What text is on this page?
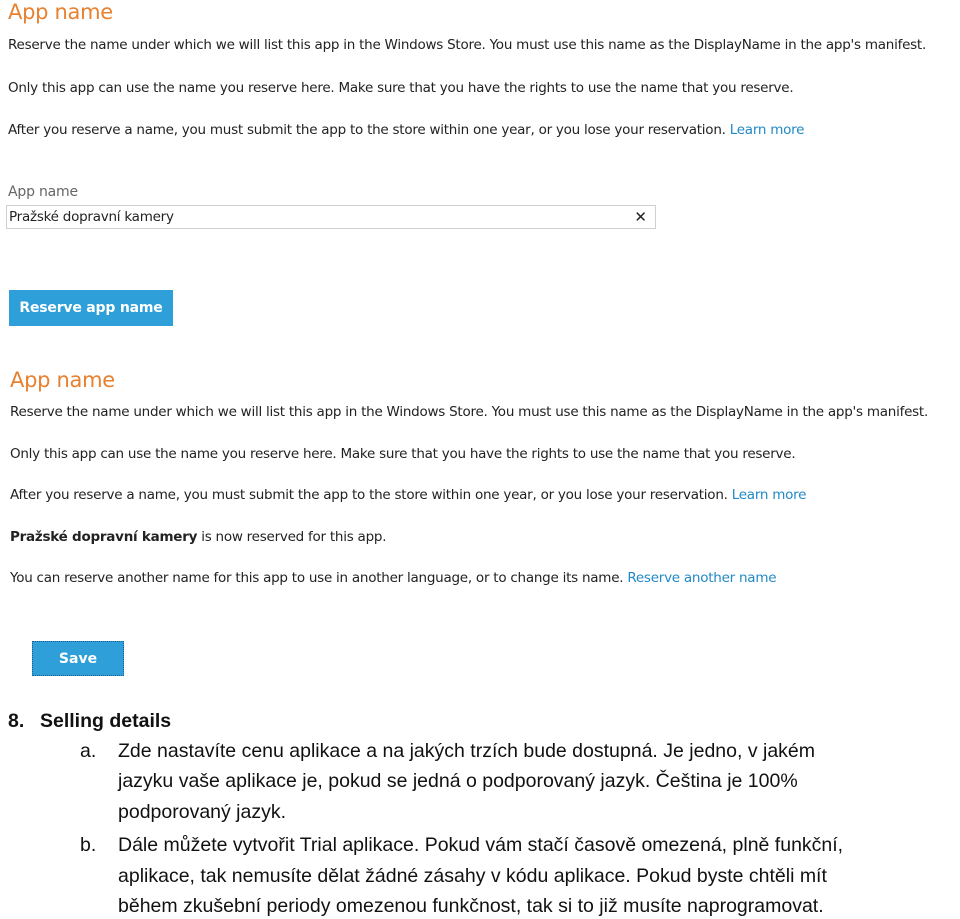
App name
Reserve the name under which we will list this app in the Windows Store. You must use this name as the DisplayName in the app's manifest.
Only this app can use the name you reserve here. Make sure that you have the rights to use the name that you reserve.
After you reserve a name, you must submit the app to the store within one year, or you lose your reservation. Learn more
App name
Pražské dopravní kamery
✕
Reserve app name
App name
Reserve the name under which we will list this app in the Windows Store. You must use this name as the DisplayName in the app's manifest.
Only this app can use the name you reserve here. Make sure that you have the rights to use the name that you reserve.
After you reserve a name, you must submit the app to the store within one year, or you lose your reservation. Learn more
Pražské dopravní kamery is now reserved for this app.
You can reserve another name for this app to use in another language, or to change its name. Reserve another name
Save
8. Selling details
a. Zde nastavíte cenu aplikace a na jakých trzích bude dostupná. Je jedno, v jakém
jazyku vaše aplikace je, pokud se jedná o podporovaný jazyk. Čeština je 100%
podporovaný jazyk.
b. Dále můžete vytvořit Trial aplikace. Pokud vám stačí časově omezená, plně funkční,
aplikace, tak nemusíte dělat žádné zásahy v kódu aplikace. Pokud byste chtěli mít
během zkušební periody omezenou funkčnost, tak si to již musíte naprogramovat.
